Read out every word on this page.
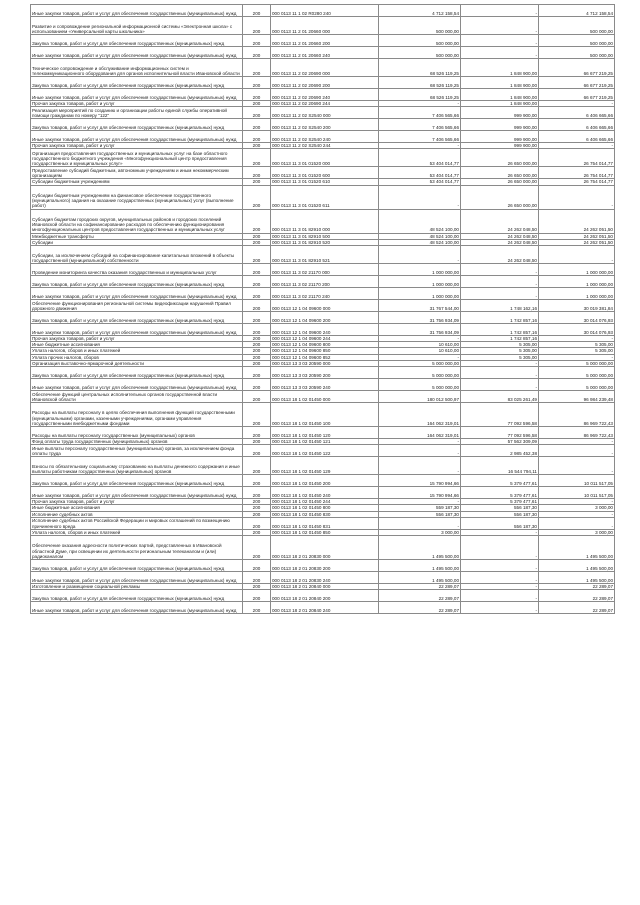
Иные закупки товаров, работ и услуг для обеспечения государственных (муниципальных) нужд	200	000 0113 11 1 02 R0280 240	4 712 158,54	-	4 712 158,54
Развитие и сопровождение региональной информационной системы «Электронная школа» с использованием «Универсальной карты школьника»	200	000 0113 11 2 01 20660 000	500 000,00	-	500 000,00
Закупка товаров, работ и услуг для обеспечения государственных (муниципальных) нужд	200	000 0113 11 2 01 20660 200	500 000,00	-	500 000,00
Иные закупки товаров, работ и услуг для обеспечения государственных (муниципальных) нужд	200	000 0113 11 2 01 20660 240	500 000,00	-	500 000,00
Техническое сопровождение и обслуживание информационных систем и телекоммуникационного оборудования для органов исполнительной власти Ивановской области	200	000 0113 11 2 02 20690 000	68 526 119,25	1 848 900,00	66 677 219,25
Закупка товаров, работ и услуг для обеспечения государственных (муниципальных) нужд	200	000 0113 11 2 02 20690 200	68 526 119,25	1 848 900,00	66 677 219,25
Иные закупки товаров, работ и услуг для обеспечения государственных (муниципальных) нужд	200	000 0113 11 2 02 20690 240	68 526 119,25	1 848 900,00	66 677 219,25
Прочая закупка товаров, работ и услуг	200	000 0113 11 2 02 20690 244	-	1 848 900,00	-
Реализация мероприятий по созданию и организации работы единой службы оперативной помощи гражданам по номеру "122"	200	000 0113 11 2 02 S2540 000	7 406 565,66	999 900,00	6 406 665,66
Закупка товаров, работ и услуг для обеспечения государственных (муниципальных) нужд	200	000 0113 11 2 02 S2540 200	7 406 565,66	999 900,00	6 406 665,66
Иные закупки товаров, работ и услуг для обеспечения государственных (муниципальных) нужд	200	000 0113 11 2 02 S2540 240	7 406 565,66	999 900,00	6 406 665,66
Прочая закупка товаров, работ и услуг	200	000 0113 11 2 02 S2540 244	-	999 900,00	-
Организация предоставления государственных и муниципальных услуг на базе областного государственного бюджетного учреждения «Многофункциональный центр предоставления государственных и муниципальных услуг»	200	000 0113 11 3 01 01520 000	53 404 014,77	26 650 000,00	26 754 014,77
Предоставление субсидий бюджетным, автономным учреждениям и иным некоммерческим организациям	200	000 0113 11 3 01 01520 600	53 404 014,77	26 650 000,00	26 754 014,77
Субсидии бюджетным учреждениям	200	000 0113 11 3 01 01520 610	53 404 014,77	26 650 000,00	26 754 014,77
Субсидии бюджетным учреждениям на финансовое обеспечение государственного (муниципального) задания на оказание государственных (муниципальных) услуг (выполнение работ)	200	000 0113 11 3 01 01520 611	-	26 650 000,00	-
Субсидия бюджетам городских округов, муниципальных районов и городских поселений Ивановской области на софинансирование расходов по обеспечению функционирования многофункциональных центров предоставления государственных и муниципальных услуг	200	000 0113 11 3 01 82910 000	48 524 100,00	24 262 048,50	24 262 051,50
Межбюджетные трансферты	200	000 0113 11 3 01 82910 500	48 524 100,00	24 262 048,50	24 262 051,50
Субсидии	200	000 0113 11 3 01 82910 520	48 524 100,00	24 262 048,50	24 262 051,50
Субсидии, за исключением субсидий на софинансирование капитальных вложений в объекты государственной (муниципальной) собственности	200	000 0113 11 3 01 82910 521	-	24 262 048,50	-
Проведение мониторинга качества оказания государственных и муниципальных услуг	200	000 0113 11 3 02 21170 000	1 000 000,00	-	1 000 000,00
Закупка товаров, работ и услуг для обеспечения государственных (муниципальных) нужд	200	000 0113 11 3 02 21170 200	1 000 000,00	-	1 000 000,00
Иные закупки товаров, работ и услуг для обеспечения государственных (муниципальных) нужд	200	000 0113 11 3 02 21170 240	1 000 000,00	-	1 000 000,00
Обеспечение функционирования региональной системы видеофиксации нарушений Правил дорожного движения	200	000 0113 12 1 04 09600 000	31 767 544,00	1 748 162,16	30 019 381,84
Закупка товаров, работ и услуг для обеспечения государственных (муниципальных) нужд	200	000 0113 12 1 04 09600 200	31 756 934,09	1 742 857,16	30 014 076,93
Иные закупки товаров, работ и услуг для обеспечения государственных (муниципальных) нужд	200	000 0113 12 1 04 09600 240	31 756 934,09	1 742 857,16	30 014 076,93
Прочая закупка товаров, работ и услуг	200	000 0113 12 1 04 09600 244	-	1 742 857,16	-
Иные бюджетные ассигнования	200	000 0113 12 1 04 09600 800	10 610,00	5 305,00	5 305,00
Уплата налогов, сборов и иных платежей	200	000 0113 12 1 04 09600 850	10 610,00	5 305,00	5 305,00
Уплата прочих налогов, сборов	200	000 0113 12 1 04 09600 852	-	5 305,00	-
Организация выставочно-ярмарочной деятельности	200	000 0113 13 3 03 20590 000	5 000 000,00	-	5 000 000,00
Закупка товаров, работ и услуг для обеспечения государственных (муниципальных) нужд	200	000 0113 13 3 03 20590 200	5 000 000,00	-	5 000 000,00
Иные закупки товаров, работ и услуг для обеспечения государственных (муниципальных) нужд	200	000 0113 13 3 03 20590 240	5 000 000,00	-	5 000 000,00
Обеспечение функций центральных исполнительных органов государственной власти Ивановской области	200	000 0113 18 1 02 01450 000	180 012 500,97	83 025 261,49	96 984 239,48
Расходы на выплаты персоналу в целях обеспечения выполнения функций государственными (муниципальными) органами, казенными учреждениями, органами управления государственными внебюджетными фондами	200	000 0113 18 1 02 01450 100	164 062 319,01	77 092 596,58	86 969 722,43
Расходы на выплаты персоналу государственных (муниципальных) органов	200	000 0113 18 1 02 01450 120	164 062 319,01	77 092 596,58	86 969 722,43
Фонд оплаты труда государственных (муниципальных) органов	200	000 0113 18 1 02 01450 121	-	57 562 309,09	-
Иные выплаты персоналу государственных (муниципальных) органов, за исключением фонда оплаты труда	200	000 0113 18 1 02 01450 122	-	2 985 452,38	-
Взносы по обязательному социальному страхованию на выплаты денежного содержания и иные выплаты работникам государственных (муниципальных) органов	200	000 0113 18 1 02 01450 129	-	16 544 794,11	-
Закупка товаров, работ и услуг для обеспечения государственных (муниципальных) нужд	200	000 0113 18 1 02 01450 200	15 790 994,66	5 379 477,61	10 011 517,05
Иные закупки товаров, работ и услуг для обеспечения государственных (муниципальных) нужд	200	000 0113 18 1 02 01450 240	15 790 994,66	5 379 477,61	10 011 517,05
Прочая закупка товаров, работ и услуг	200	000 0113 18 1 02 01450 244	-	5 379 477,61	-
Иные бюджетные ассигнования	200	000 0113 18 1 02 01450 800	559 187,30	556 187,30	3 000,00
Исполнение судебных актов	200	000 0113 18 1 02 01450 830	556 187,30	556 187,30	-
Исполнение судебных актов Российской Федерации и мировых соглашений по возмещению причиненного вреда	200	000 0113 18 1 02 01450 831	-	556 187,30	-
Уплата налогов, сборов и иных платежей	200	000 0113 18 1 02 01450 850	3 000,00	-	3 000,00
Обеспечение оказания адресности политических партий, представленных в Ивановской областной Думе, при освещении их деятельности региональным телеканалом и (или) радиоканалом	200	000 0113 18 2 01 20830 000	1 495 500,00	-	1 495 500,00
Закупка товаров, работ и услуг для обеспечения государственных (муниципальных) нужд	200	000 0113 18 2 01 20830 200	1 495 500,00	-	1 495 500,00
Иные закупки товаров, работ и услуг для обеспечения государственных (муниципальных) нужд	200	000 0113 18 2 01 20830 240	1 495 500,00	-	1 495 500,00
Изготовление и размещение социальной рекламы	200	000 0113 18 2 01 20840 000	22 289,07	-	22 289,07
Закупка товаров, работ и услуг для обеспечения государственных (муниципальных) нужд	200	000 0113 18 2 01 20840 200	22 289,07	-	22 289,07
Иные закупки товаров, работ и услуг для обеспечения государственных (муниципальных) нужд	200	000 0113 18 2 01 20840 240	22 289,07	-	22 289,07
